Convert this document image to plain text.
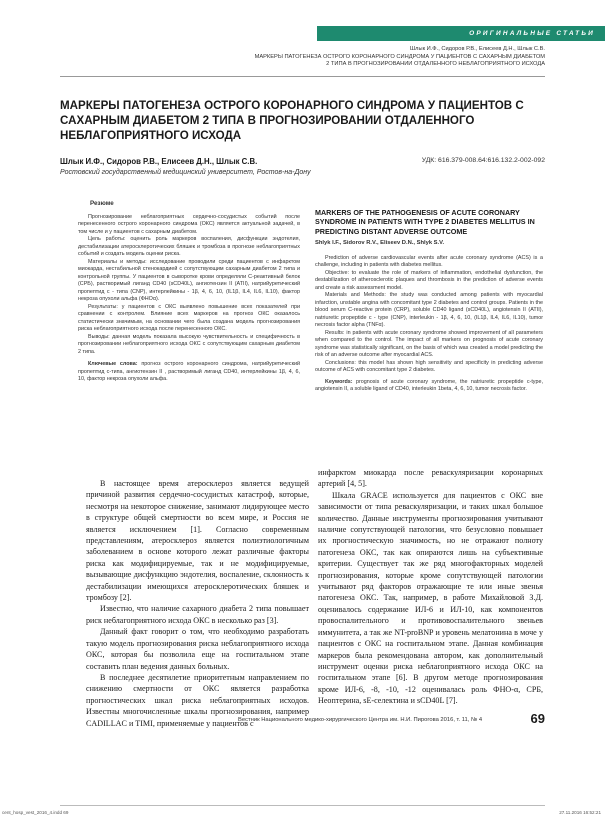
ОРИГИНАЛЬНЫЕ СТАТЬИ
Шлык И.Ф., Сидоров Р.В., Елисеев Д.Н., Шлык С.В.
МАРКЕРЫ ПАТОГЕНЕЗА ОСТРОГО КОРОНАРНОГО СИНДРОМА У ПАЦИЕНТОВ С САХАРНЫМ ДИАБЕТОМ
2 ТИПА В ПРОГНОЗИРОВАНИИ ОТДАЛЕННОГО НЕБЛАГОПРИЯТНОГО ИСХОДА
МАРКЕРЫ ПАТОГЕНЕЗА ОСТРОГО КОРОНАРНОГО СИНДРОМА У ПАЦИЕНТОВ С САХАРНЫМ ДИАБЕТОМ 2 ТИПА В ПРОГНОЗИРОВАНИИ ОТДАЛЕННОГО НЕБЛАГОПРИЯТНОГО ИСХОДА
Шлык И.Ф., Сидоров Р.В., Елисеев Д.Н., Шлык С.В.	УДК: 616.379-008.64:616.132.2-002-092
Ростовский государственный медицинский университет, Ростов-на-Дону
Резюме

Прогнозирование неблагоприятных сердечно-сосудистых событий после перенесенного острого коронарного синдрома (ОКС) является актуальной задачей, в том числе и у пациентов с сахарным диабетом.

Цель работы: оценить роль маркеров воспаления, дисфункции эндотелия, дестабилизации атеросклеротических бляшек и тромбоза в прогнозе неблагоприятных событий и создать модель оценки риска.

Материалы и методы: исследование проводили среди пациентов с инфарктом миокарда, нестабильной стенокардией с сопутствующим сахарным диабетом 2 типа и контрольной группы. У пациентов в сыворотке крови определяли С-реактивный белок (СРБ), растворимый лиганд CD40 (sCD40L), ангиотензин II (ATII), натрийуретический пропептид с - типа (CNP), интерлейкины - 1β, 4, 6, 10, (IL1β, IL4, IL6, IL10), фактор некроза опухоли альфа (ФНОα).

Результаты: у пациентов с ОКС выявлено повышение всех показателей при сравнении с контролем. Влияние всех маркеров на прогноз ОКС оказалось статистически значимым, на основании чего была создана модель прогнозирования риска неблагоприятного исхода после перенесенного ОКС.

Выводы: данная модель показала высокую чувствительность и специфичность в прогнозировании неблагоприятного исхода ОКС с сопутствующим сахарным диабетом 2 типа.

Ключевые слова: прогноз острого коронарного синдрома, натрийуретический пропептид с-типа, ангиотензин II , растворимый лиганд CD40, интерлейкины 1β, 4, 6, 10, фактор некроза опухоли альфа.

MARKERS OF THE PATHOGENESIS OF ACUTE CORONARY SYNDROME IN PATIENTS WITH TYPE 2 DIABETES MELLITUS IN PREDICTING DISTANT ADVERSE OUTCOME
Shlyk I.F., Sidorov R.V., Eliseev D.N., Shlyk S.V.

Prediction of adverse cardiovascular events after acute coronary syndrome (ACS) is a challenge, including in patients with diabetes mellitus.

Objective: to evaluate the role of markers of inflammation, endothelial dysfunction, the destabilization of atherosclerotic plaques and thrombosis in the prediction of adverse events and create a risk assessment model.

Materials and Methods: the study was conducted among patients with myocardial infarction, unstable angina with concomitant type 2 diabetes and control groups. Patients in the blood serum C-reactive protein (CRP), soluble CD40 ligand (sCD40L), angiotensin II (ATII), natriuretic propeptide c - type (CNP), interleukin - 1β, 4, 6, 10, (IL1β, IL4, IL6, IL10), tumor necrosis factor alpha (TNFα).

Results: in patients with acute coronary syndrome showed improvement of all parameters when compared to the control. The impact of all markers on prognosis of acute coronary syndrome was statistically significant, on the basis of which was created a model predicting the risk of an adverse outcome after myocardial ACS.

Conclusions: this model has shown high sensitivity and specificity in predicting adverse outcome of ACS with concomitant type 2 diabetes.

Keywords: prognosis of acute coronary syndrome, the natriuretic propeptide c-type, angiotensin II, a soluble ligand of CD40, interleukin 1beta, 4, 6, 10, tumor necrosis factor.

В настоящее время атеросклероз является ведущей причиной развития сердечно-сосудистых катастроф, которые, несмотря на некоторое снижение, занимают лидирующее место в структуре общей смертности во всем мире, и Россия не является исключением [1]. Согласно современным представлениям, атеросклероз является полиэтиологичным заболеванием в основе которого лежат различные факторы риска как модифицируемые, так и не модифицируемые, вызывающие дисфункцию эндотелия, воспаление, склонность к дестабилизации имеющихся атеросклеротических бляшек и тромбозу [2].

Известно, что наличие сахарного диабета 2 типа повышает риск неблагоприятного исхода ОКС в несколько раз [3].

Данный факт говорит о том, что необходимо разработать такую модель прогнозирования риска неблагоприятного исхода ОКС, которая бы позволила еще на госпитальном этапе составить план ведения данных больных.

В последнее десятилетие приоритетным направлением по снижению смертности от ОКС является разработка прогностических шкал риска неблагоприятных исходов. Известны многочисленные шкалы прогнозирования, например CADILLAC и TIMI, применяемые у пациентов с

инфарктом миокарда после реваскуляризации коронарных артерий [4, 5].

Шкала GRACE используется для пациентов с ОКС вне зависимости от типа реваскуляризации, и таких шкал большое количество. Данные инструменты прогнозирования учитывают наличие сопутствующей патологии, что безусловно повышает их прогностическую значимость, но не отражают полноту патогенеза ОКС, так как опираются лишь на субъективные критерии. Существует так же ряд многофакторных моделей прогнозирования, которые кроме сопутствующей патологии учитывают ряд факторов отражающие те или иные звенья патогенеза ОКС. Так, например, в работе Михайловой З.Д. оценивалось содержание ИЛ-6 и ИЛ-10, как компонентов провоспалительного и противовоспалительного звеньев иммунитета, а так же NT-proBNP и уровень мелатонина в моче у пациентов с ОКС на госпитальном этапе. Данная комбинация маркеров была рекомендована автором, как дополнительный инструмент оценки риска неблагоприятного исхода ОКС на госпитальном этапе [6]. В другом методе прогнозирования кроме ИЛ-6, -8, -10, -12 оценивалась роль ФНО-α, СРБ, Неоптерина, sE-селектина и sCD40L [7].

Вестник Национального медико-хирургического Центра им. Н.И. Пирогова 2016, т. 11, № 4	69
cent_hosp_vest_2016_4.indd 69	27.11.2016 16:52:21
